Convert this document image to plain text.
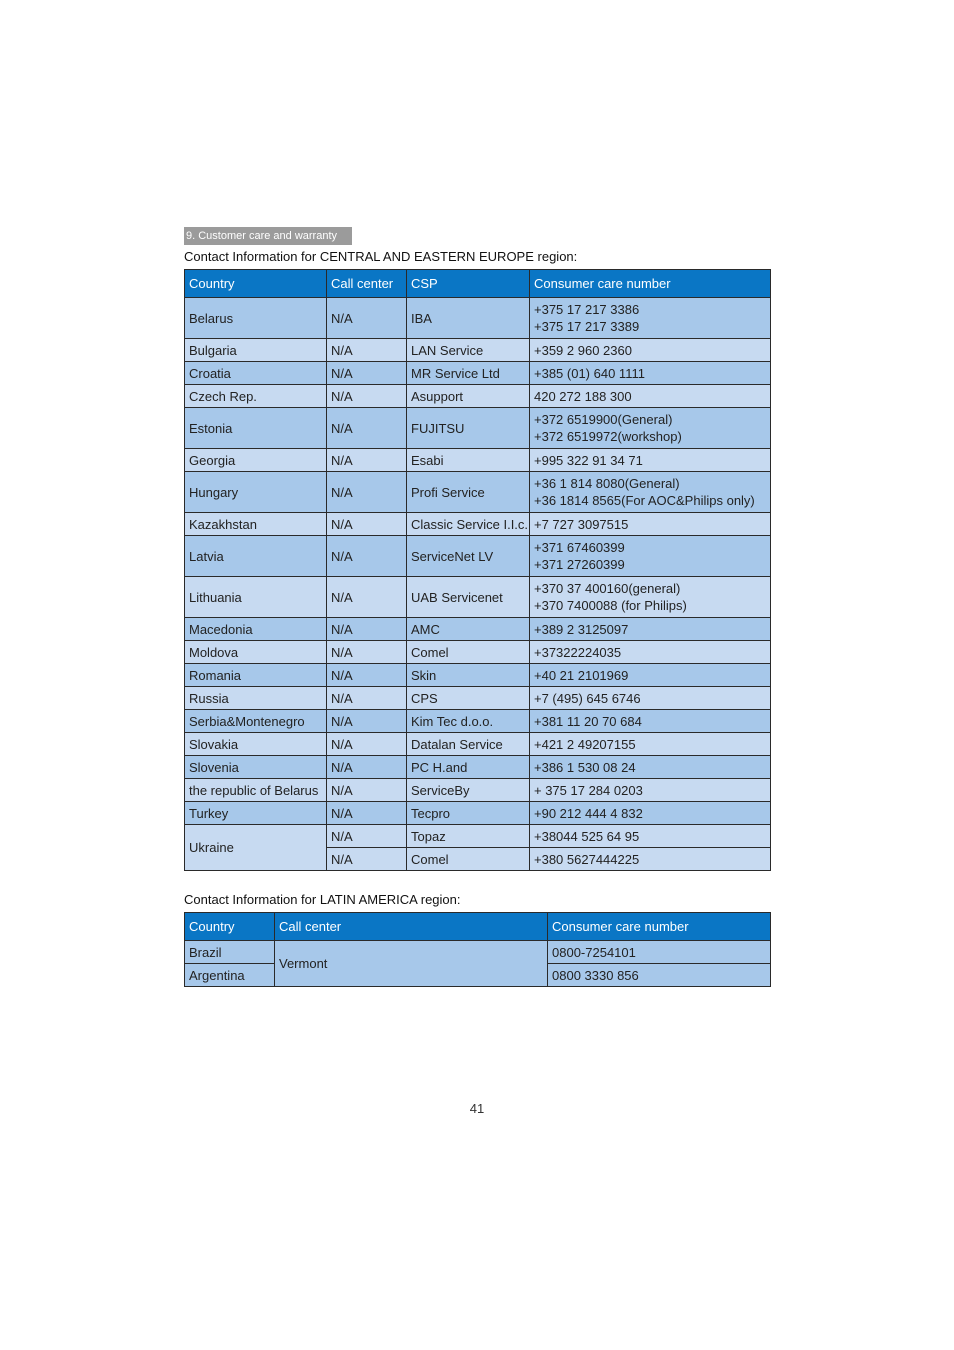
9. Customer care and warranty
Contact Information for CENTRAL AND EASTERN EUROPE region:
Country	Call center	CSP	Consumer care number
Belarus	N/A	IBA	+375 17 217 3386
+375 17 217 3389

Bulgaria	N/A	LAN Service	+359 2 960 2360

Croatia	N/A	MR Service Ltd	+385 (01) 640 1111

Czech Rep.	N/A	Asupport	420 272 188 300

Estonia	N/A	FUJITSU	+372 6519900(General)
+372 6519972(workshop)

Georgia	N/A	Esabi	+995 322 91 34 71

Hungary	N/A	Profi Service	+36 1 814 8080(General)
+36 1814 8565(For AOC&Philips only)

Kazakhstan	N/A	Classic Service I.I.c.	+7 727 3097515

Latvia	N/A	ServiceNet LV	+371 67460399
+371 27260399

Lithuania	N/A	UAB Servicenet	+370 37 400160(general)
+370 7400088 (for Philips)

Macedonia	N/A	AMC	+389 2 3125097

Moldova	N/A	Comel	+37322224035

Romania	N/A	Skin	+40 21 2101969

Russia	N/A	CPS	+7 (495) 645 6746

Serbia&Montenegro	N/A	Kim Tec d.o.o.	+381 11 20 70 684

Slovakia	N/A	Datalan Service	+421 2 49207155

Slovenia	N/A	PC H.and	+386 1 530 08 24

the republic of Belarus	N/A	ServiceBy	+ 375 17 284 0203

Turkey	N/A	Tecpro	+90 212 444 4 832

Ukraine	N/A	Topaz	+38044 525 64 95
	N/A	Comel	+380 5627444225
Contact Information for LATIN AMERICA region:
Country	Call center	Consumer care number
Brazil	Vermont	0800-7254101
Argentina		0800 3330 856
41
